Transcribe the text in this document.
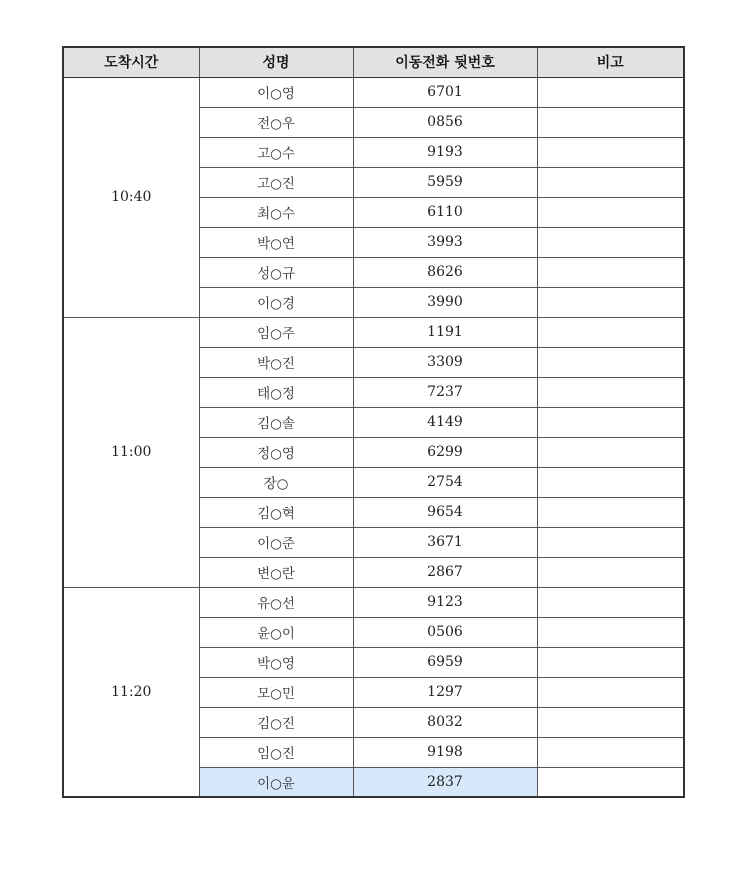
도착시간	성명	이동전화 뒷번호	비고
10:40	이○영	6701	
	전○우	0856	
	고○수	9193	
	고○진	5959	
	최○수	6110	
	박○연	3993	
	성○규	8626	
	이○경	3990	
11:00	임○주	1191	
	박○진	3309	
	태○정	7237	
	김○솔	4149	
	정○영	6299	
	장○	2754	
	김○혁	9654	
	이○준	3671	
	변○란	2867	
11:20	유○선	9123	
	윤○이	0506	
	박○영	6959	
	모○민	1297	
	김○진	8032	
	임○진	9198	
	이○윤	2837	
